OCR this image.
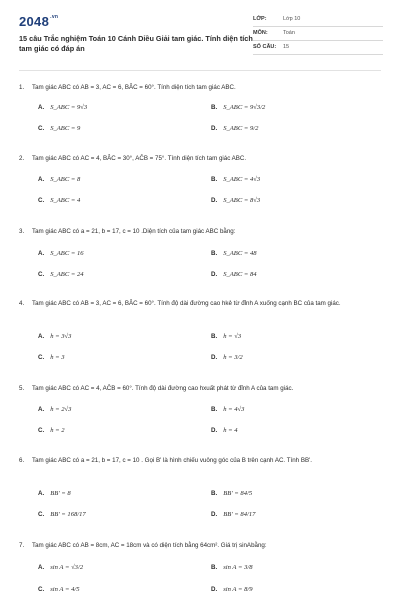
$2048^{.vn}$
15 câu Trắc nghiệm Toán 10 Cánh Diều Giải tam giác. Tính diện tích tam giác có đáp án
LỚP:	Lớp 10
MÔN:	Toán
SỐ CÂU: 15
1. Tam giác ABC có AB = 3, AC = 6, BÂC = 60°. Tính diện tích tam giác ABC.
A. S_ABC = 9√3	B. S_ABC = 9√3/2
C. S_ABC = 9	D. S_ABC = 9/2
2. Tam giác ABC có AC = 4, BÂC = 30°, AĈB = 75°. Tính diện tích tam giác ABC.
A. S_ABC = 8	B. S_ABC = 4√3
C. S_ABC = 4	D. S_ABC = 8√3
3. Tam giác ABC có a = 21, b = 17, c = 10 .Diện tích của tam giác ABC bằng:
A. S_ABC = 16	B. S_ABC = 48
C. S_ABC = 24	D. S_ABC = 84
4. Tam giác ABC có AB = 3, AC = 6, BÂC = 60°. Tính độ dài đường cao hkẻ từ đỉnh A xuống cạnh BC của tam giác.
A. h = 3√3	B. h = √3
C. h = 3	D. h = 3/2
5. Tam giác ABC có AC = 4, AĈB = 60°. Tính độ dài đường cao hxuất phát từ đỉnh A của tam giác.
A. h = 2√3	B. h = 4√3
C. h = 2	D. h = 4
6. Tam giác ABC có a = 21, b = 17, c = 10 . Gọi B' là hình chiếu vuông góc của B trên cạnh AC. Tính BB'.
A. BB' = 8	B. BB' = 84/5
C. BB' = 168/17	D. BB' = 84/17
7. Tam giác ABC có AB = 8cm, AC = 18cm và có diện tích bằng 64cm². Giá trị sinAbằng:
A. sin A = √3/2	B. sin A = 3/8
C. sin A = 4/5	D. sin A = 8/9
